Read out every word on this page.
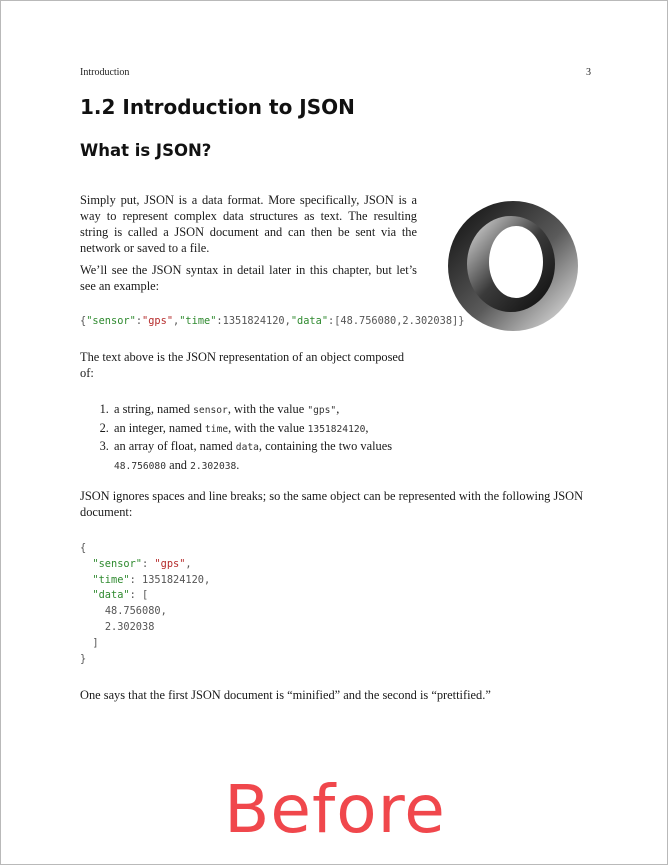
Introduction	3
1.2 Introduction to JSON
What is JSON?

Simply put, JSON is a data format. More specifically, JSON is a way to represent complex data structures as text. The resulting string is called a JSON document and can then be sent via the network or saved to a file.

We’ll see the JSON syntax in detail later in this chapter, but let’s see an example:

{"sensor":"gps","time":1351824120,"data":[48.756080,2.302038]}

The text above is the JSON representation of an object composed of:

1. a string, named sensor, with the value "gps",
2. an integer, named time, with the value 1351824120,
3. an array of float, named data, containing the two values 48.756080 and 2.302038.

JSON ignores spaces and line breaks; so the same object can be represented with the following JSON document:

{
"sensor": "gps",
"time": 1351824120,
"data": [
48.756080,
2.302038
]
}

One says that the first JSON document is “minified” and the second is “prettified.”

Before
